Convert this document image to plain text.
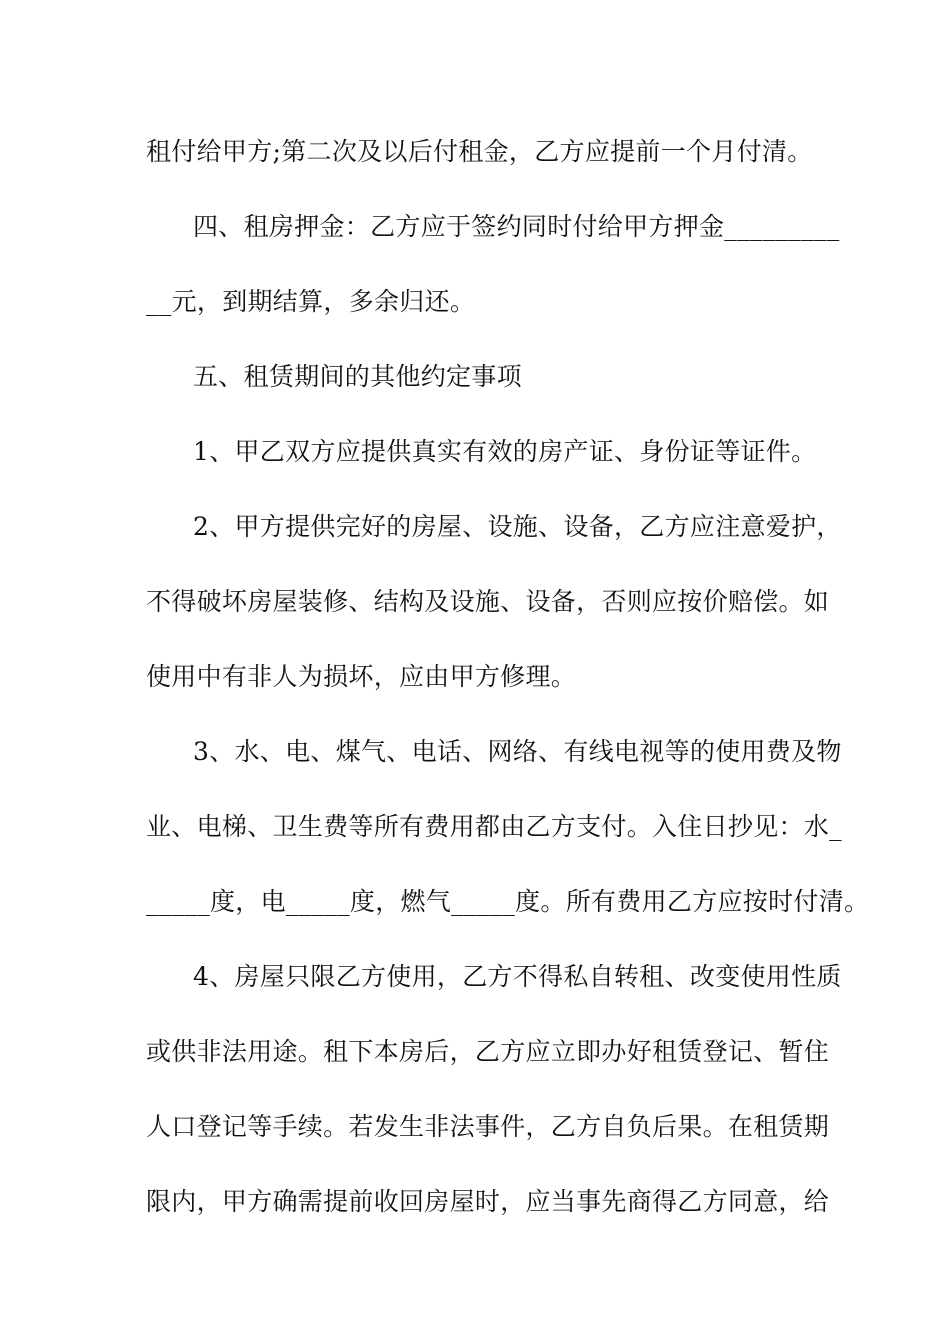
租付给甲方;第二次及以后付租金，乙方应提前一个月付清。
四、租房押金：乙方应于签约同时付给甲方押金_________
__元，到期结算，多余归还。
五、租赁期间的其他约定事项
1、甲乙双方应提供真实有效的房产证、身份证等证件。
2、甲方提供完好的房屋、设施、设备，乙方应注意爱护，
不得破坏房屋装修、结构及设施、设备，否则应按价赔偿。如
使用中有非人为损坏，应由甲方修理。
3、水、电、煤气、电话、网络、有线电视等的使用费及物
业、电梯、卫生费等所有费用都由乙方支付。入住日抄见：水_
_____度，电_____度，燃气_____度。所有费用乙方应按时付清。
4、房屋只限乙方使用，乙方不得私自转租、改变使用性质
或供非法用途。租下本房后，乙方应立即办好租赁登记、暂住
人口登记等手续。若发生非法事件，乙方自负后果。在租赁期
限内，甲方确需提前收回房屋时，应当事先商得乙方同意，给
